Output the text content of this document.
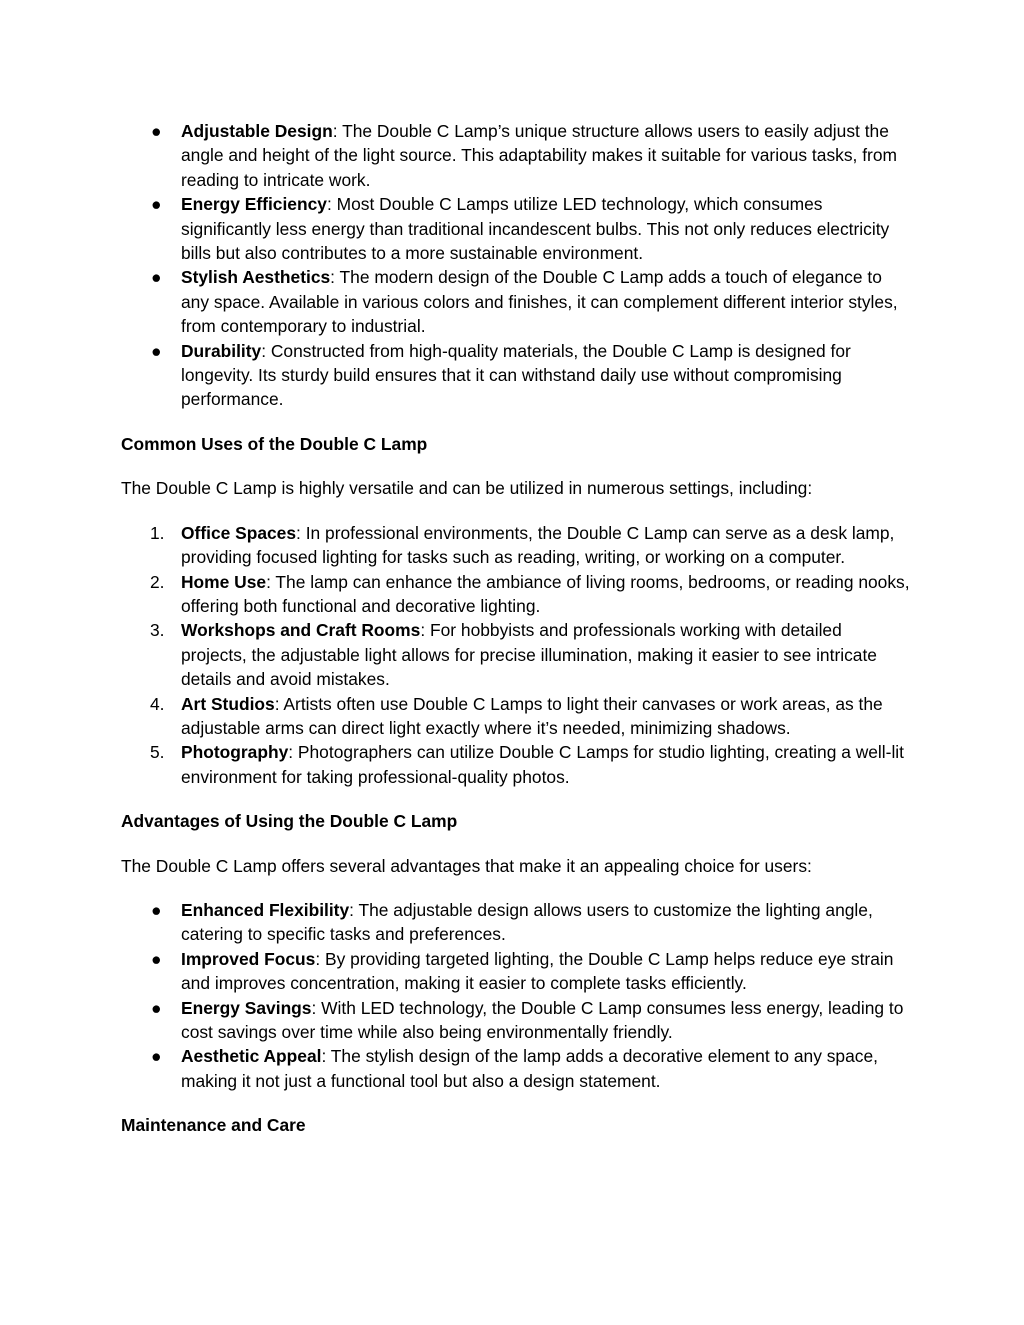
●	Adjustable Design: The Double C Lamp’s unique structure allows users to easily adjust the angle and height of the light source. This adaptability makes it suitable for various tasks, from reading to intricate work.
●	Energy Efficiency: Most Double C Lamps utilize LED technology, which consumes significantly less energy than traditional incandescent bulbs. This not only reduces electricity bills but also contributes to a more sustainable environment.
●	Stylish Aesthetics: The modern design of the Double C Lamp adds a touch of elegance to any space. Available in various colors and finishes, it can complement different interior styles, from contemporary to industrial.
●	Durability: Constructed from high-quality materials, the Double C Lamp is designed for longevity. Its sturdy build ensures that it can withstand daily use without compromising performance.

Common Uses of the Double C Lamp

The Double C Lamp is highly versatile and can be utilized in numerous settings, including:

1. Office Spaces: In professional environments, the Double C Lamp can serve as a desk lamp, providing focused lighting for tasks such as reading, writing, or working on a computer.
2. Home Use: The lamp can enhance the ambiance of living rooms, bedrooms, or reading nooks, offering both functional and decorative lighting.
3. Workshops and Craft Rooms: For hobbyists and professionals working with detailed projects, the adjustable light allows for precise illumination, making it easier to see intricate details and avoid mistakes.
4. Art Studios: Artists often use Double C Lamps to light their canvases or work areas, as the adjustable arms can direct light exactly where it’s needed, minimizing shadows.
5. Photography: Photographers can utilize Double C Lamps for studio lighting, creating a well-lit environment for taking professional-quality photos.

Advantages of Using the Double C Lamp

The Double C Lamp offers several advantages that make it an appealing choice for users:

●	Enhanced Flexibility: The adjustable design allows users to customize the lighting angle, catering to specific tasks and preferences.
●	Improved Focus: By providing targeted lighting, the Double C Lamp helps reduce eye strain and improves concentration, making it easier to complete tasks efficiently.
●	Energy Savings: With LED technology, the Double C Lamp consumes less energy, leading to cost savings over time while also being environmentally friendly.
●	Aesthetic Appeal: The stylish design of the lamp adds a decorative element to any space, making it not just a functional tool but also a design statement.

Maintenance and Care
